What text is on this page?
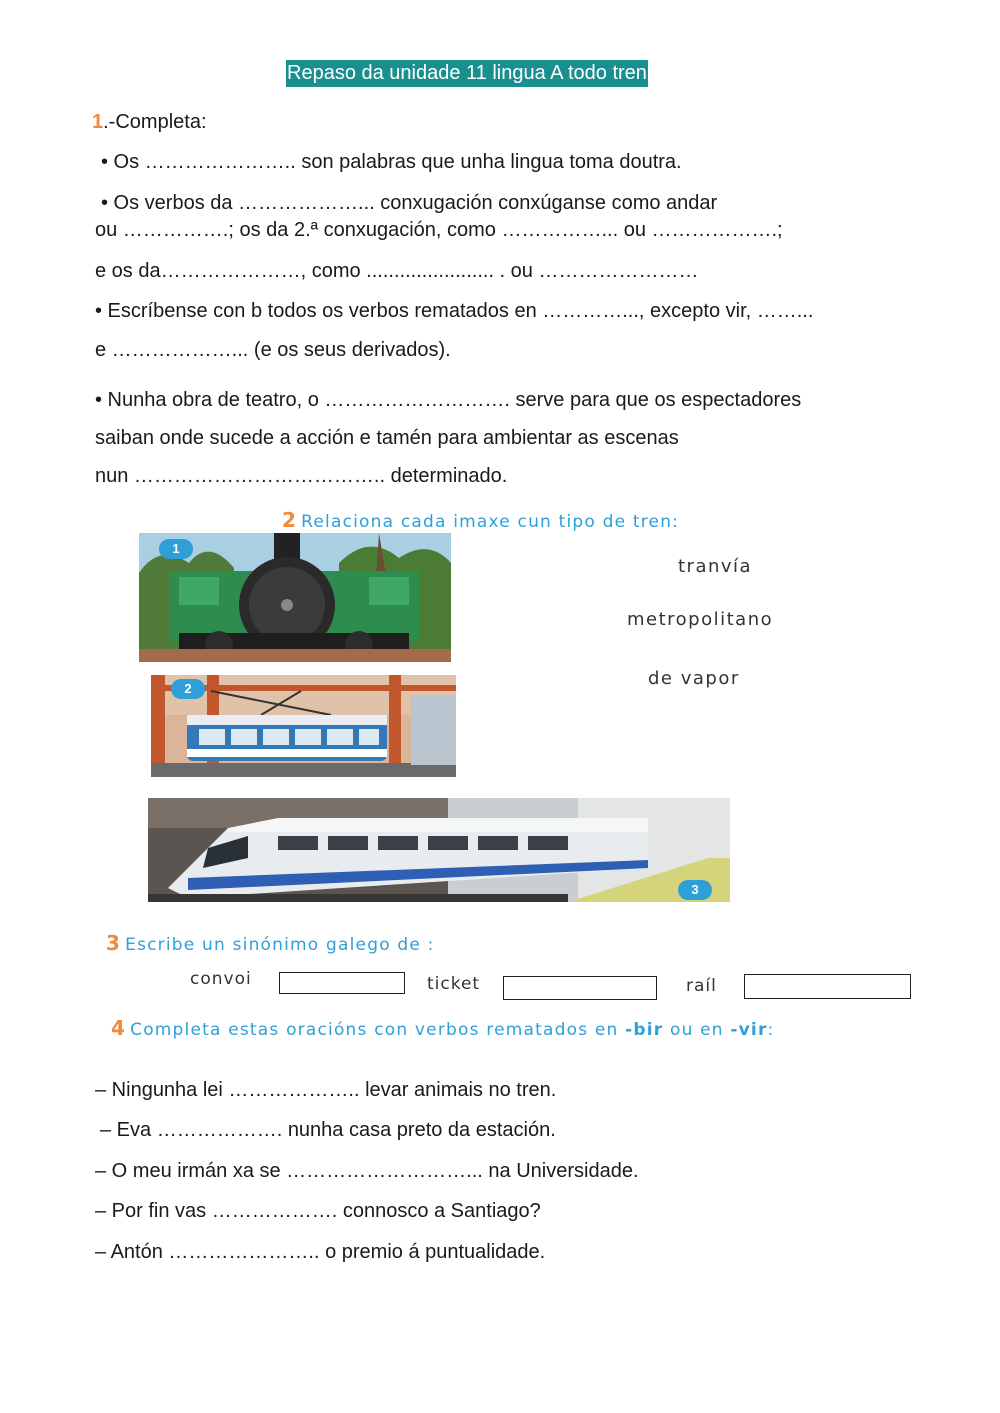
Repaso da unidade 11 lingua A todo tren
1.-Completa:
• Os ………………….. son palabras que unha lingua toma doutra.
• Os verbos da ………………... conxugación conxúganse como andar
ou …………….; os da 2.ª conxugación, como ……………... ou ……………….;
e os da…………………, como ....................... . ou ……………………
• Escríbense con b todos os verbos rematados en …………..., excepto vir, ……...
e ………………... (e os seus derivados).
• Nunha obra de teatro, o ………………………. serve para que os espectadores
saiban onde sucede a acción e tamén para ambientar as escenas
nun ……………………………….. determinado.
2 Relaciona cada imaxe cun tipo de tren:
1
2
3
tranvía
metropolitano
de vapor
3 Escribe un sinónimo galego de :
convoi	ticket	raíl
4 Completa estas oracións con verbos rematados en -bir ou en -vir:
– Ningunha lei ……………….. levar animais no tren.
– Eva ………………. nunha casa preto da estación.
– O meu irmán xa se ………………………... na Universidade.
– Por fin vas ………………. connosco a Santiago?
– Antón ………………….. o premio á puntualidade.
